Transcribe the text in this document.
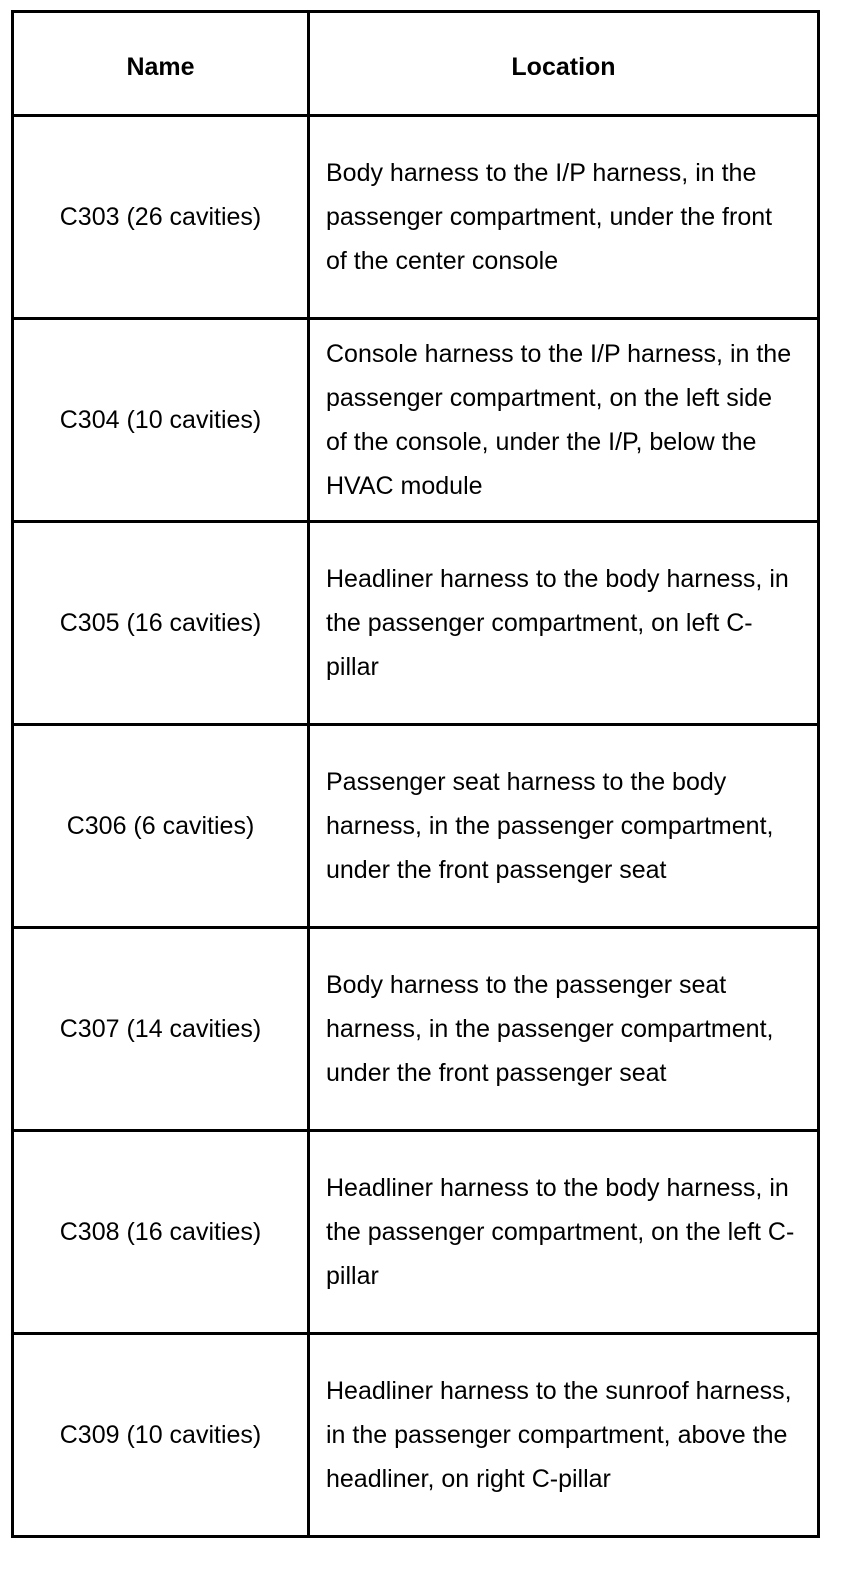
Name	Location

C303 (26 cavities)	Body harness to the I/P harness, in the passenger compartment, under the front of the center console

C304 (10 cavities)	Console harness to the I/P harness, in the passenger compartment, on the left side of the console, under the I/P, below the HVAC module

C305 (16 cavities)	Headliner harness to the body harness, in the passenger compartment, on left C-pillar

C306 (6 cavities)	Passenger seat harness to the body harness, in the passenger compartment, under the front passenger seat

C307 (14 cavities)	Body harness to the passenger seat harness, in the passenger compartment, under the front passenger seat

C308 (16 cavities)	Headliner harness to the body harness, in the passenger compartment, on the left C-pillar

C309 (10 cavities)	Headliner harness to the sunroof harness, in the passenger compartment, above the headliner, on right C-pillar
